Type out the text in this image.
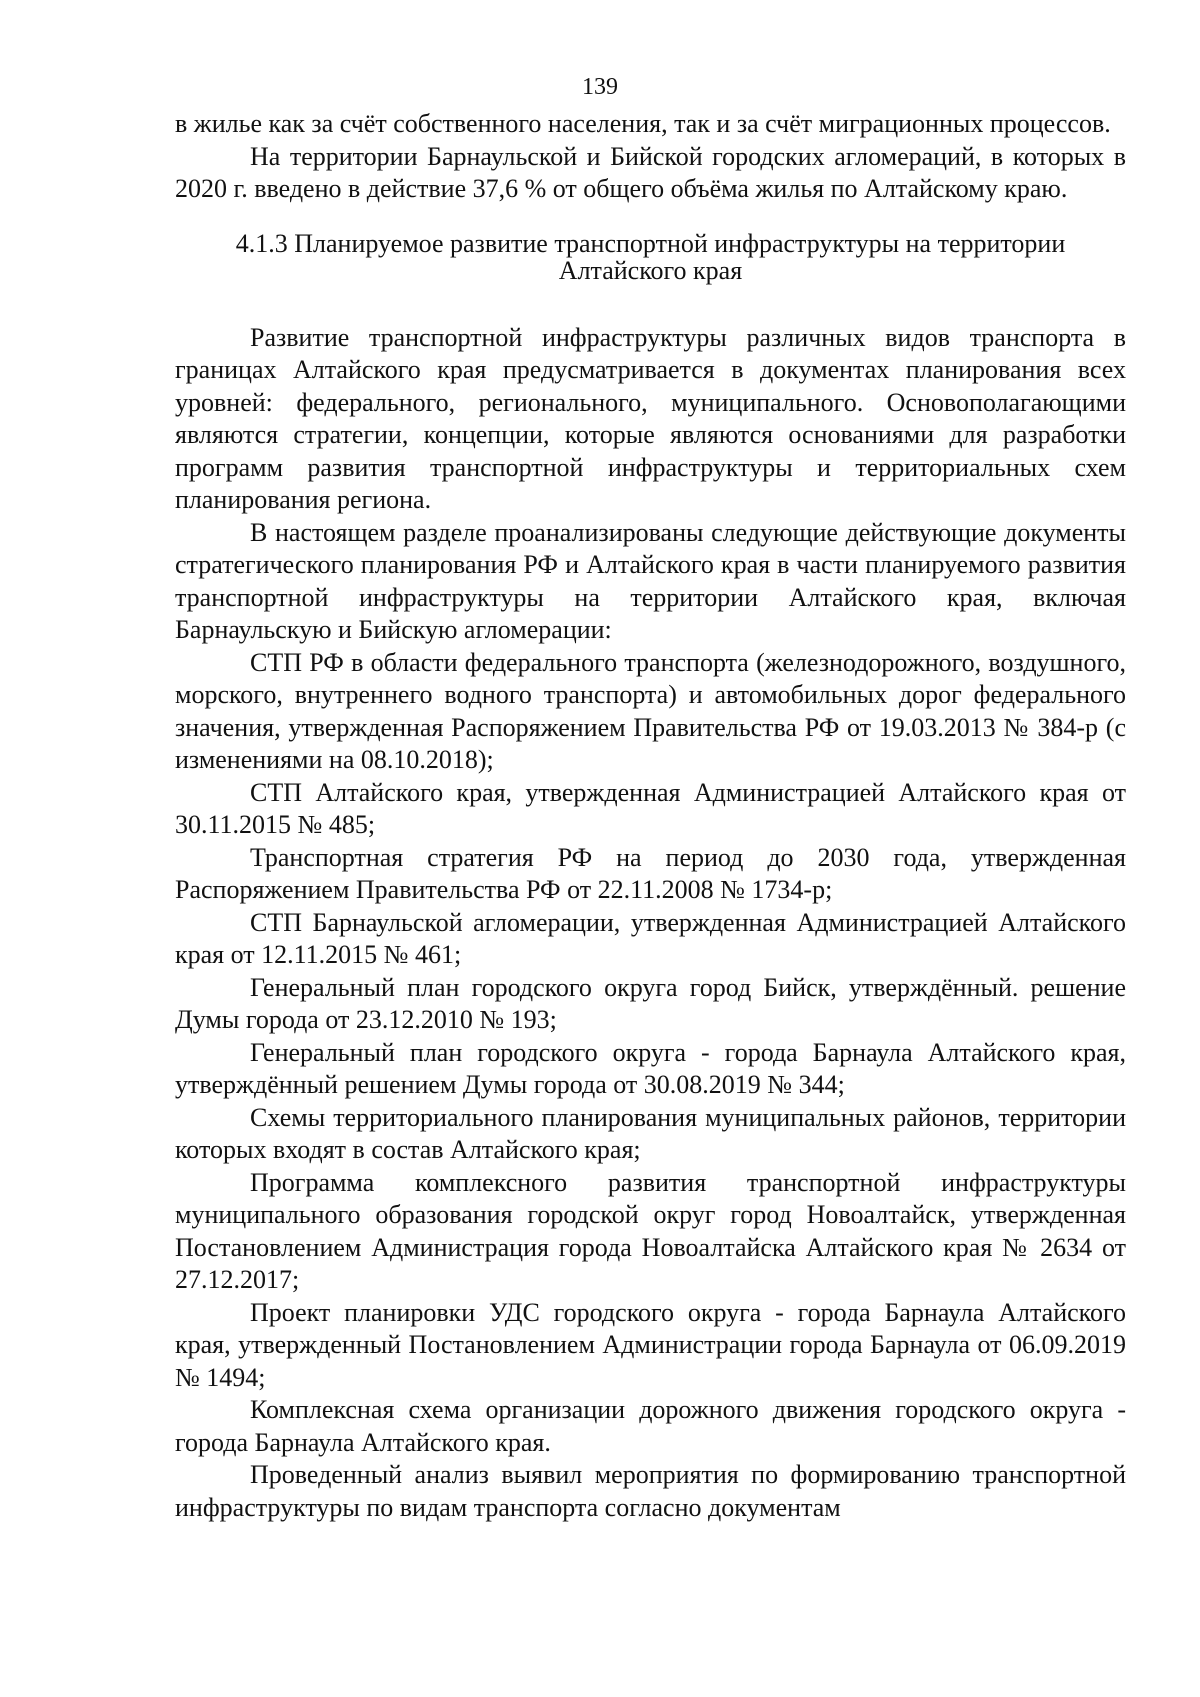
139

в жилье как за счёт собственного населения, так и за счёт миграционных процессов.

На территории Барнаульской и Бийской городских агломераций, в которых в 2020 г. введено в действие 37,6 % от общего объёма жилья по Алтайскому краю.

4.1.3 Планируемое развитие транспортной инфраструктуры на территории
Алтайского края

Развитие транспортной инфраструктуры различных видов транспорта в границах Алтайского края предусматривается в документах планирования всех уровней: федерального, регионального, муниципального. Основополагающими являются стратегии, концепции, которые являются основаниями для разработки программ развития транспортной инфраструктуры и территориальных схем планирования региона.

В настоящем разделе проанализированы следующие действующие документы стратегического планирования РФ и Алтайского края в части планируемого развития транспортной инфраструктуры на территории Алтайского края, включая Барнаульскую и Бийскую агломерации:

СТП РФ в области федерального транспорта (железнодорожного, воздушного, морского, внутреннего водного транспорта) и автомобильных дорог федерального значения, утвержденная Распоряжением Правительства РФ от 19.03.2013 № 384-р (с изменениями на 08.10.2018);

СТП Алтайского края, утвержденная Администрацией Алтайского края от 30.11.2015 № 485;

Транспортная стратегия РФ на период до 2030 года, утвержденная Распоряжением Правительства РФ от 22.11.2008 № 1734-р;

СТП Барнаульской агломерации, утвержденная Администрацией Алтайского края от 12.11.2015 № 461;

Генеральный план городского округа город Бийск, утверждённый. решение Думы города от 23.12.2010 № 193;

Генеральный план городского округа - города Барнаула Алтайского края, утверждённый решением Думы города от 30.08.2019 № 344;

Схемы территориального планирования муниципальных районов, территории которых входят в состав Алтайского края;

Программа комплексного развития транспортной инфраструктуры муниципального образования городской округ город Новоалтайск, утвержденная Постановлением Администрация города Новоалтайска Алтайского края № 2634 от 27.12.2017;

Проект планировки УДС городского округа - города Барнаула Алтайского края, утвержденный Постановлением Администрации города Барнаула от 06.09.2019 № 1494;

Комплексная схема организации дорожного движения городского округа - города Барнаула Алтайского края.

Проведенный анализ выявил мероприятия по формированию транспортной инфраструктуры по видам транспорта согласно документам
